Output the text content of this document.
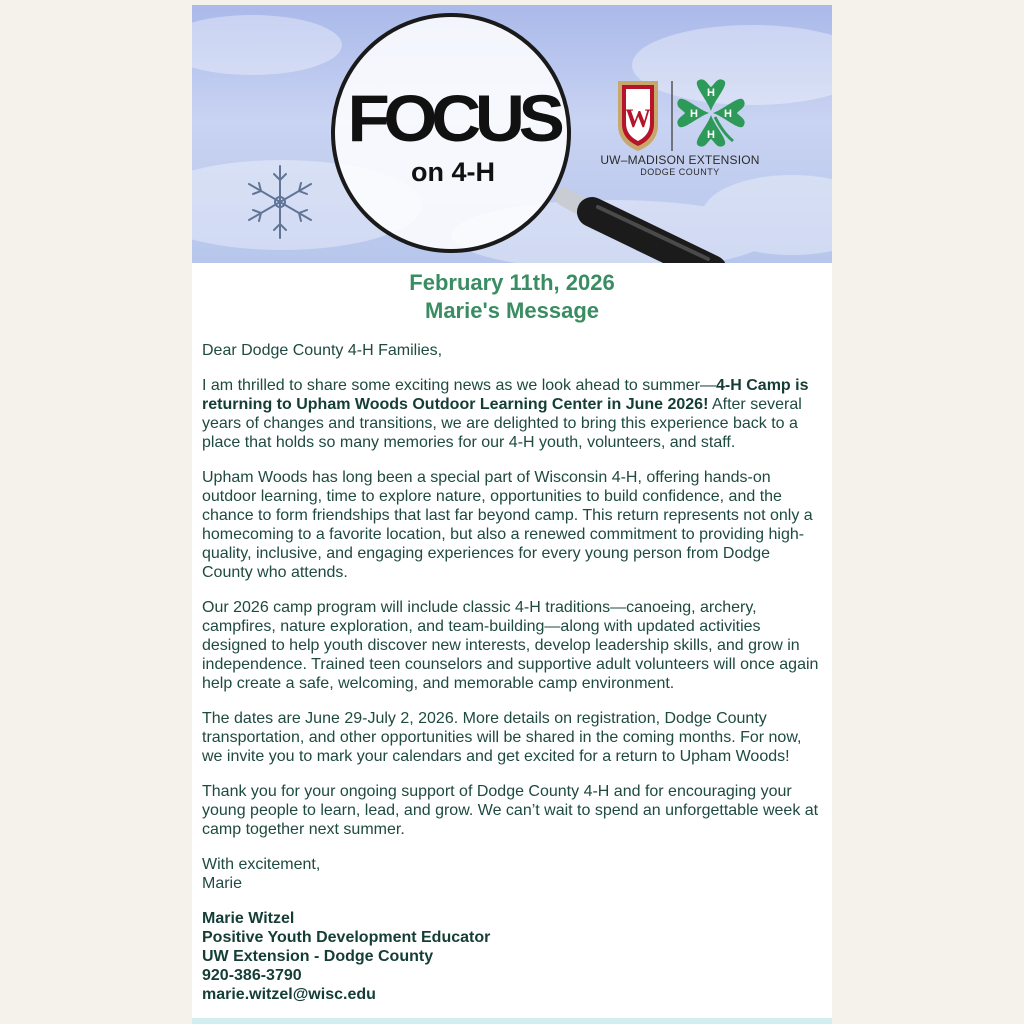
W
H
H
H
H
FOCUS
on 4-H	UW–MADISON EXTENSION
DODGE COUNTY
February 11th, 2026
Marie's Message

Dear Dodge County 4-H Families,

I am thrilled to share some exciting news as we look ahead to summer—4-H Camp is returning to Upham Woods Outdoor Learning Center in June 2026! After several years of changes and transitions, we are delighted to bring this experience back to a place that holds so many memories for our 4-H youth, volunteers, and staff.

Upham Woods has long been a special part of Wisconsin 4-H, offering hands-on outdoor learning, time to explore nature, opportunities to build confidence, and the chance to form friendships that last far beyond camp. This return represents not only a homecoming to a favorite location, but also a renewed commitment to providing high-quality, inclusive, and engaging experiences for every young person from Dodge County who attends.

Our 2026 camp program will include classic 4-H traditions—canoeing, archery, campfires, nature exploration, and team-building—along with updated activities designed to help youth discover new interests, develop leadership skills, and grow in independence. Trained teen counselors and supportive adult volunteers will once again help create a safe, welcoming, and memorable camp environment.

The dates are June 29-July 2, 2026. More details on registration, Dodge County transportation, and other opportunities will be shared in the coming months. For now, we invite you to mark your calendars and get excited for a return to Upham Woods!

Thank you for your ongoing support of Dodge County 4-H and for encouraging your young people to learn, lead, and grow. We can’t wait to spend an unforgettable week at camp together next summer.

With excitement,
Marie

Marie Witzel
Positive Youth Development Educator
UW Extension - Dodge County
920-386-3790
marie.witzel@wisc.edu
